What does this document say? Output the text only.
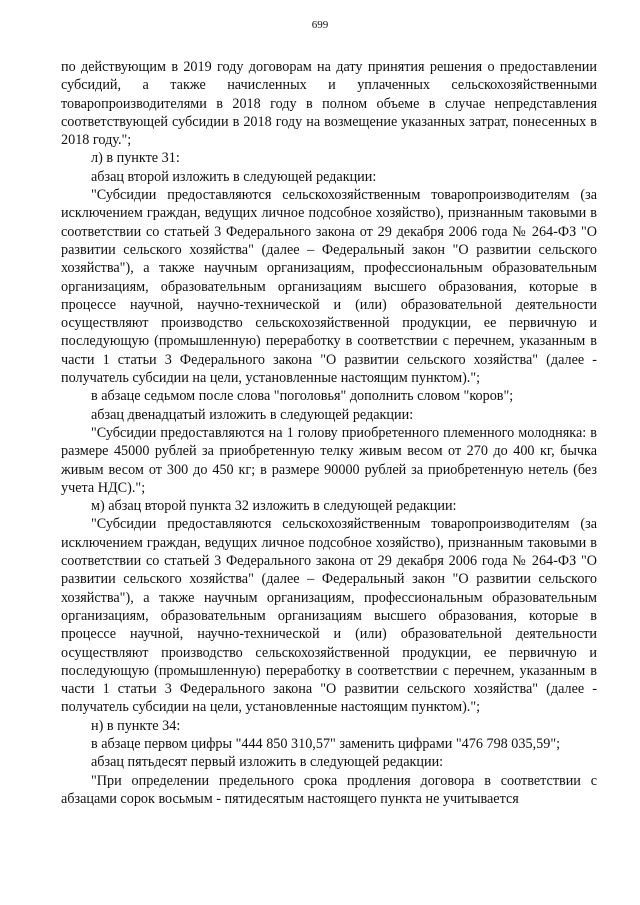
699

по действующим в 2019 году договорам на дату принятия решения о предоставлении субсидий, а также начисленных и уплаченных сельскохозяйственными товаропроизводителями в 2018 году в полном объеме в случае непредставления соответствующей субсидии в 2018 году на возмещение указанных затрат, понесенных в 2018 году.";

л) в пункте 31:

абзац второй изложить в следующей редакции:

"Субсидии предоставляются сельскохозяйственным товаропроизводителям (за исключением граждан, ведущих личное подсобное хозяйство), признанным таковыми в соответствии со статьей 3 Федерального закона от 29 декабря 2006 года № 264-ФЗ "О развитии сельского хозяйства" (далее – Федеральный закон "О развитии сельского хозяйства"), а также научным организациям, профессиональным образовательным организациям, образовательным организациям высшего образования, которые в процессе научной, научно-технической и (или) образовательной деятельности осуществляют производство сельскохозяйственной продукции, ее первичную и последующую (промышленную) переработку в соответствии с перечнем, указанным в части 1 статьи 3 Федерального закона "О развитии сельского хозяйства" (далее - получатель субсидии на цели, установленные настоящим пунктом).";

в абзаце седьмом после слова "поголовья" дополнить словом "коров";

абзац двенадцатый изложить в следующей редакции:

"Субсидии предоставляются на 1 голову приобретенного племенного молодняка: в размере 45000 рублей за приобретенную телку живым весом от 270 до 400 кг, бычка живым весом от 300 до 450 кг; в размере 90000 рублей за приобретенную нетель (без учета НДС).";

м) абзац второй пункта 32 изложить в следующей редакции:

"Субсидии предоставляются сельскохозяйственным товаропроизводителям (за исключением граждан, ведущих личное подсобное хозяйство), признанным таковыми в соответствии со статьей 3 Федерального закона от 29 декабря 2006 года № 264-ФЗ "О развитии сельского хозяйства" (далее – Федеральный закон "О развитии сельского хозяйства"), а также научным организациям, профессиональным образовательным организациям, образовательным организациям высшего образования, которые в процессе научной, научно-технической и (или) образовательной деятельности осуществляют производство сельскохозяйственной продукции, ее первичную и последующую (промышленную) переработку в соответствии с перечнем, указанным в части 1 статьи 3 Федерального закона "О развитии сельского хозяйства" (далее - получатель субсидии на цели, установленные настоящим пунктом).";

н) в пункте 34:

в абзаце первом цифры "444 850 310,57" заменить цифрами "476 798 035,59";

абзац пятьдесят первый изложить в следующей редакции:

"При определении предельного срока продления договора в соответствии с абзацами сорок восьмым - пятидесятым настоящего пункта не учитывается
